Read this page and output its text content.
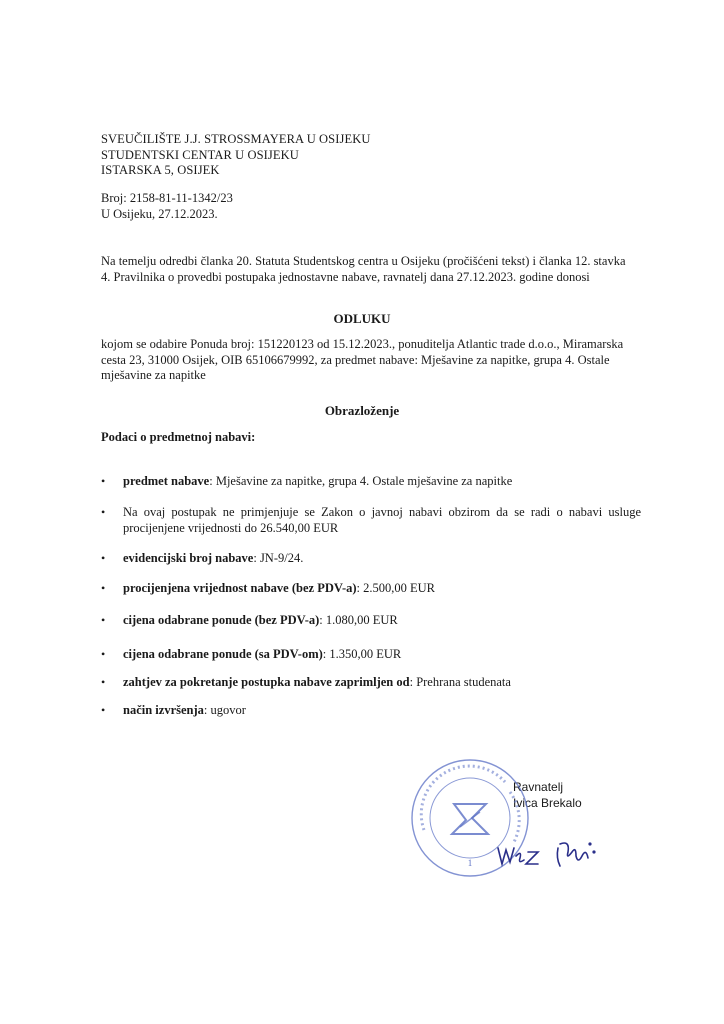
SVEUČILIŠTE J.J. STROSSMAYERA U OSIJEKU
STUDENTSKI CENTAR U OSIJEKU
ISTARSKA 5, OSIJEK
Broj: 2158-81-11-1342/23
U Osijeku, 27.12.2023.
Na temelju odredbi članka 20. Statuta Studentskog centra u Osijeku (pročišćeni tekst) i članka 12. stavka 4. Pravilnika o provedbi postupaka jednostavne nabave, ravnatelj dana 27.12.2023. godine donosi
ODLUKU
kojom se odabire Ponuda broj: 151220123 od 15.12.2023., ponuditelja Atlantic trade d.o.o., Miramarska cesta 23, 31000 Osijek, OIB 65106679992, za predmet nabave: Mješavine za napitke, grupa 4. Ostale mješavine za napitke
Obrazloženje
Podaci o predmetnoj nabavi:
•	predmet nabave: Mješavine za napitke, grupa 4. Ostale mješavine za napitke
•	Na ovaj postupak ne primjenjuje se Zakon o javnoj nabavi obzirom da se radi o nabavi usluge procijenjene vrijednosti do 26.540,00 EUR
•	evidencijski broj nabave: JN-9/24.
•	procijenjena vrijednost nabave (bez PDV-a): 2.500,00 EUR
•	cijena odabrane ponude (bez PDV-a): 1.080,00 EUR
•	cijena odabrane ponude (sa PDV-om): 1.350,00 EUR
•	zahtjev za pokretanje postupka nabave zaprimljen od: Prehrana studenata
•	način izvršenja: ugovor
Ravnatelj
Ivica Brekalo
1
